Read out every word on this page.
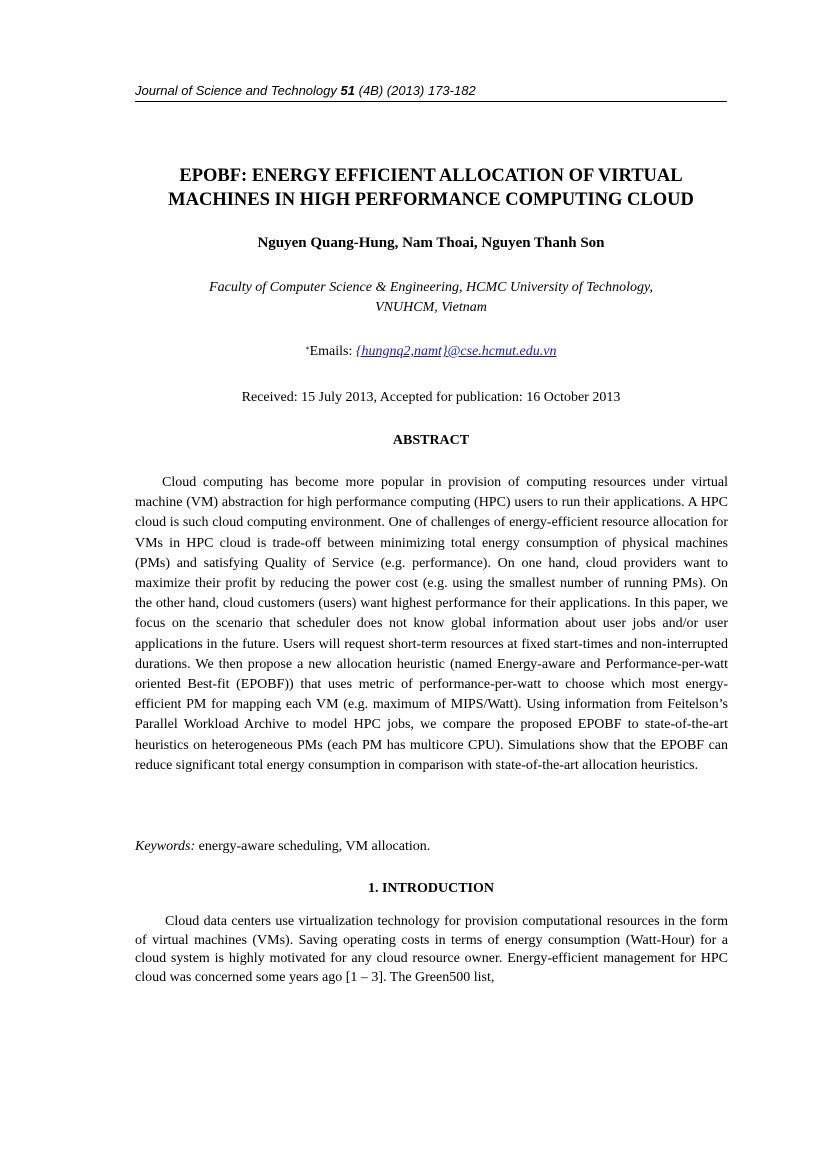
Journal of Science and Technology 51 (4B) (2013) 173-182
EPOBF: ENERGY EFFICIENT ALLOCATION OF VIRTUAL
MACHINES IN HIGH PERFORMANCE COMPUTING CLOUD
Nguyen Quang-Hung, Nam Thoai, Nguyen Thanh Son
Faculty of Computer Science & Engineering, HCMC University of Technology,
VNUHCM, Vietnam
*Emails: {hungnq2,namt}@cse.hcmut.edu.vn
Received: 15 July 2013, Accepted for publication: 16 October 2013
ABSTRACT

Cloud computing has become more popular in provision of computing resources under virtual machine (VM) abstraction for high performance computing (HPC) users to run their applications. A HPC cloud is such cloud computing environment. One of challenges of energy-efficient resource allocation for VMs in HPC cloud is trade-off between minimizing total energy consumption of physical machines (PMs) and satisfying Quality of Service (e.g. performance). On one hand, cloud providers want to maximize their profit by reducing the power cost (e.g. using the smallest number of running PMs). On the other hand, cloud customers (users) want highest performance for their applications. In this paper, we focus on the scenario that scheduler does not know global information about user jobs and/or user applications in the future. Users will request short-term resources at fixed start-times and non-interrupted durations. We then propose a new allocation heuristic (named Energy-aware and Performance-per-watt oriented Best-fit (EPOBF)) that uses metric of performance-per-watt to choose which most energy-efficient PM for mapping each VM (e.g. maximum of MIPS/Watt). Using information from Feitelson’s Parallel Workload Archive to model HPC jobs, we compare the proposed EPOBF to state-of-the-art heuristics on heterogeneous PMs (each PM has multicore CPU). Simulations show that the EPOBF can reduce significant total energy consumption in comparison with state-of-the-art allocation heuristics.

Keywords: energy-aware scheduling, VM allocation.
1. INTRODUCTION

Cloud data centers use virtualization technology for provision computational resources in the form of virtual machines (VMs). Saving operating costs in terms of energy consumption (Watt-Hour) for a cloud system is highly motivated for any cloud resource owner. Energy-efficient management for HPC cloud was concerned some years ago [1 – 3]. The Green500 list,
